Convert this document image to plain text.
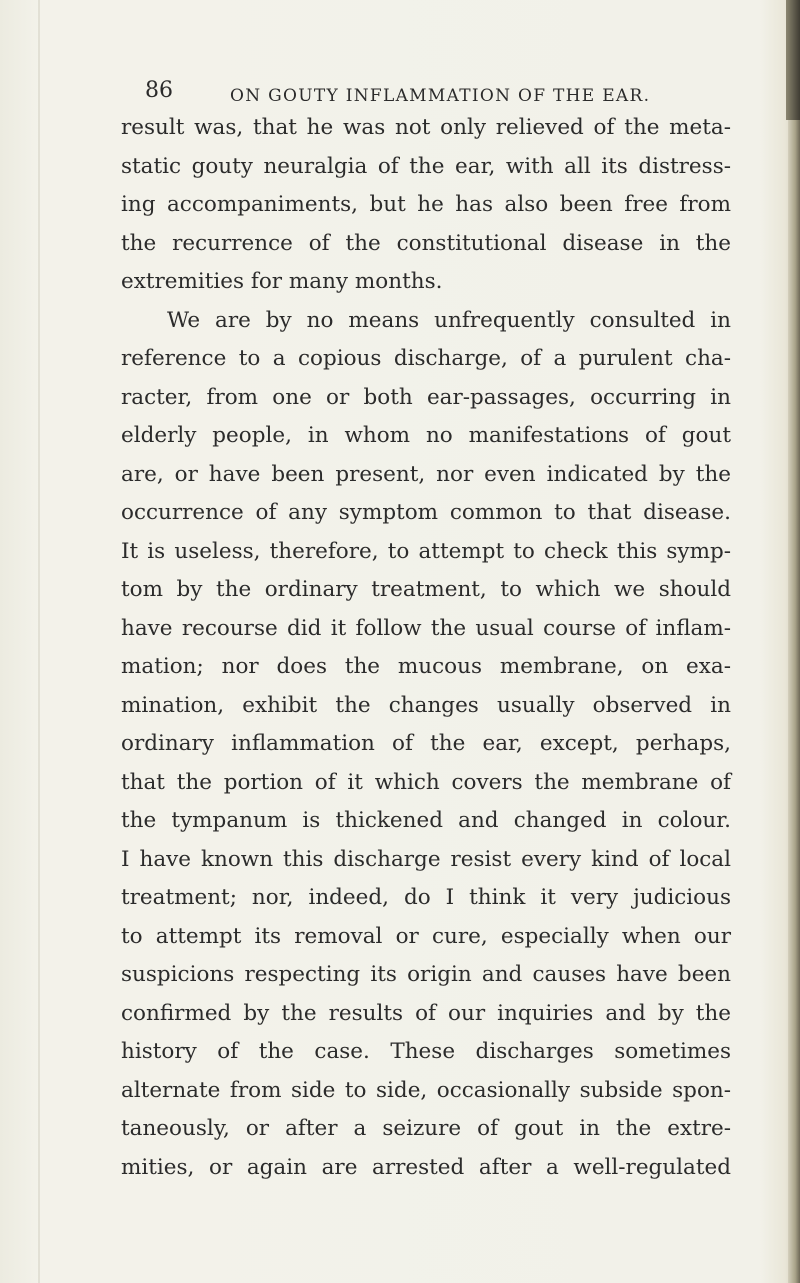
86	ON GOUTY INFLAMMATION OF THE EAR.
result was, that he was not only relieved of the meta-
static gouty neuralgia of the ear, with all its distress-
ing accompaniments, but he has also been free from
the recurrence of the constitutional disease in the
extremities for many months.
We are by no means unfrequently consulted in
reference to a copious discharge, of a purulent cha-
racter, from one or both ear-passages, occurring in
elderly people, in whom no manifestations of gout
are, or have been present, nor even indicated by the
occurrence of any symptom common to that disease.
It is useless, therefore, to attempt to check this symp-
tom by the ordinary treatment, to which we should
have recourse did it follow the usual course of inflam-
mation; nor does the mucous membrane, on exa-
mination, exhibit the changes usually observed in
ordinary inflammation of the ear, except, perhaps,
that the portion of it which covers the membrane of
the tympanum is thickened and changed in colour.
I have known this discharge resist every kind of local
treatment; nor, indeed, do I think it very judicious
to attempt its removal or cure, especially when our
suspicions respecting its origin and causes have been
confirmed by the results of our inquiries and by the
history of the case. These discharges sometimes
alternate from side to side, occasionally subside spon-
taneously, or after a seizure of gout in the extre-
mities, or again are arrested after a well-regulated
